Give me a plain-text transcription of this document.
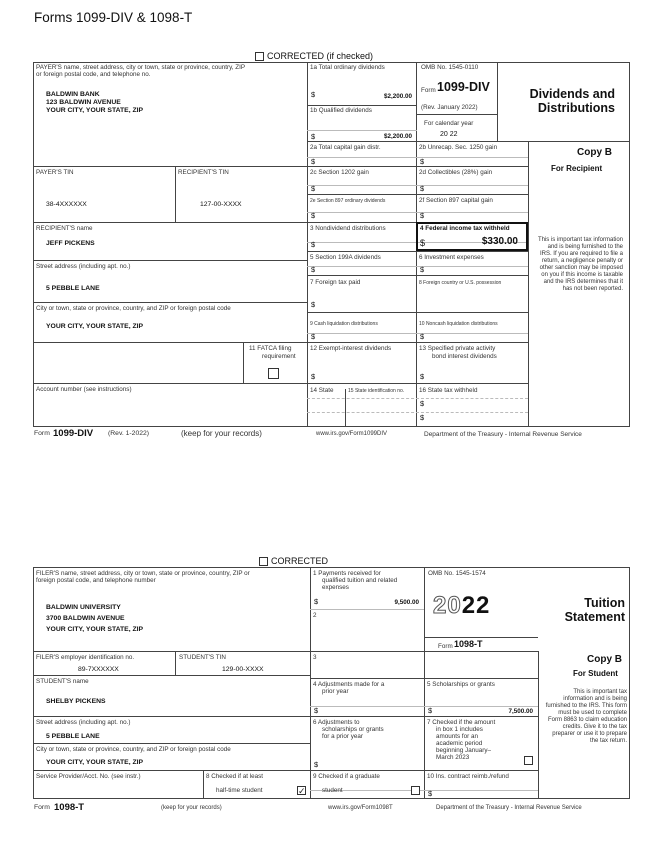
Forms 1099-DIV & 1098-T
CORRECTED (if checked)
PAYER'S name, street address, city or town, state or province, country, ZIP
or foreign postal code, and telephone no.
BALDWIN BANK
123 BALDWIN AVENUE
YOUR CITY, YOUR STATE, ZIP
1a Total ordinary dividends
$	$2,200.00
1b Qualified dividends
$	$2,200.00
OMB No. 1545-0110
Form 1099-DIV
(Rev. January 2022)
For calendar year
20 22
Dividends and
Distributions
2a Total capital gain distr.
$
2b Unrecap. Sec. 1250 gain
$
Copy B
For Recipient
PAYER'S TIN	RECIPIENT'S TIN
38-4XXXXXX	127-00-XXXX
2c Section 1202 gain
$
2d Collectibles (28%) gain
$
2e Section 897 ordinary dividends
$
2f Section 897 capital gain
$
RECIPIENT'S name
JEFF PICKENS
3 Nondividend distributions
$
4 Federal income tax withheld
$	$330.00
5 Section 199A dividends
$
6 Investment expenses
$
This is important tax information and is being furnished to the IRS. If you are required to file a return, a negligence penalty or other sanction may be imposed on you if this income is taxable and the IRS determines that it has not been reported.
Street address (including apt. no.)
5 PEBBLE LANE
7 Foreign tax paid
$
8 Foreign country or U.S. possession
City or town, state or province, country, and ZIP or foreign postal code
YOUR CITY, YOUR STATE, ZIP	9 Cash liquidation distributions
$
10 Noncash liquidation distributions
$
11 FATCA filing
requirement
12 Exempt-interest dividends
$
13 Specified private activity
bond interest dividends
$
Account number (see instructions)	14 State	15 State identification no. 16 State tax withheld
$
$
Form 1099-DIV (Rev. 1-2022)	(keep for your records)	www.irs.gov/Form1099DIV	Department of the Treasury - Internal Revenue Service
CORRECTED
FILER'S name, street address, city or town, state or province, country, ZIP or
foreign postal code, and telephone number
BALDWIN UNIVERSITY
3700 BALDWIN AVENUE
YOUR CITY, YOUR STATE, ZIP
1 Payments received for
qualified tuition and related
expenses
$	9,500.00
2
OMB No. 1545-1574
2022
Form 1098-T
Tuition
Statement
FILER'S employer identification no.	STUDENT'S TIN
89-7XXXXXX	129-00-XXXX
3	Copy B
For Student
STUDENT'S name
SHELBY PICKENS
4 Adjustments made for a
prior year
$
5 Scholarships or grants
$	7,500.00
This is important tax information and is being furnished to the IRS. This form must be used to complete Form 8863 to claim education credits. Give it to the tax preparer or use it to prepare the tax return.
Street address (including apt. no.)
5 PEBBLE LANE
6 Adjustments to
scholarships or grants
for a prior year
$
7 Checked if the amount
in box 1 includes
amounts for an
academic period
beginning January–
March 2023
City or town, state or province, country, and ZIP or foreign postal code
YOUR CITY, YOUR STATE, ZIP
Service Provider/Acct. No. (see instr.)	8 Checked if at least
half-time student	✓
9 Checked if a graduate
student
10 Ins. contract reimb./refund
$
Form 1098-T	(keep for your records)	www.irs.gov/Form1098T	Department of the Treasury - Internal Revenue Service
